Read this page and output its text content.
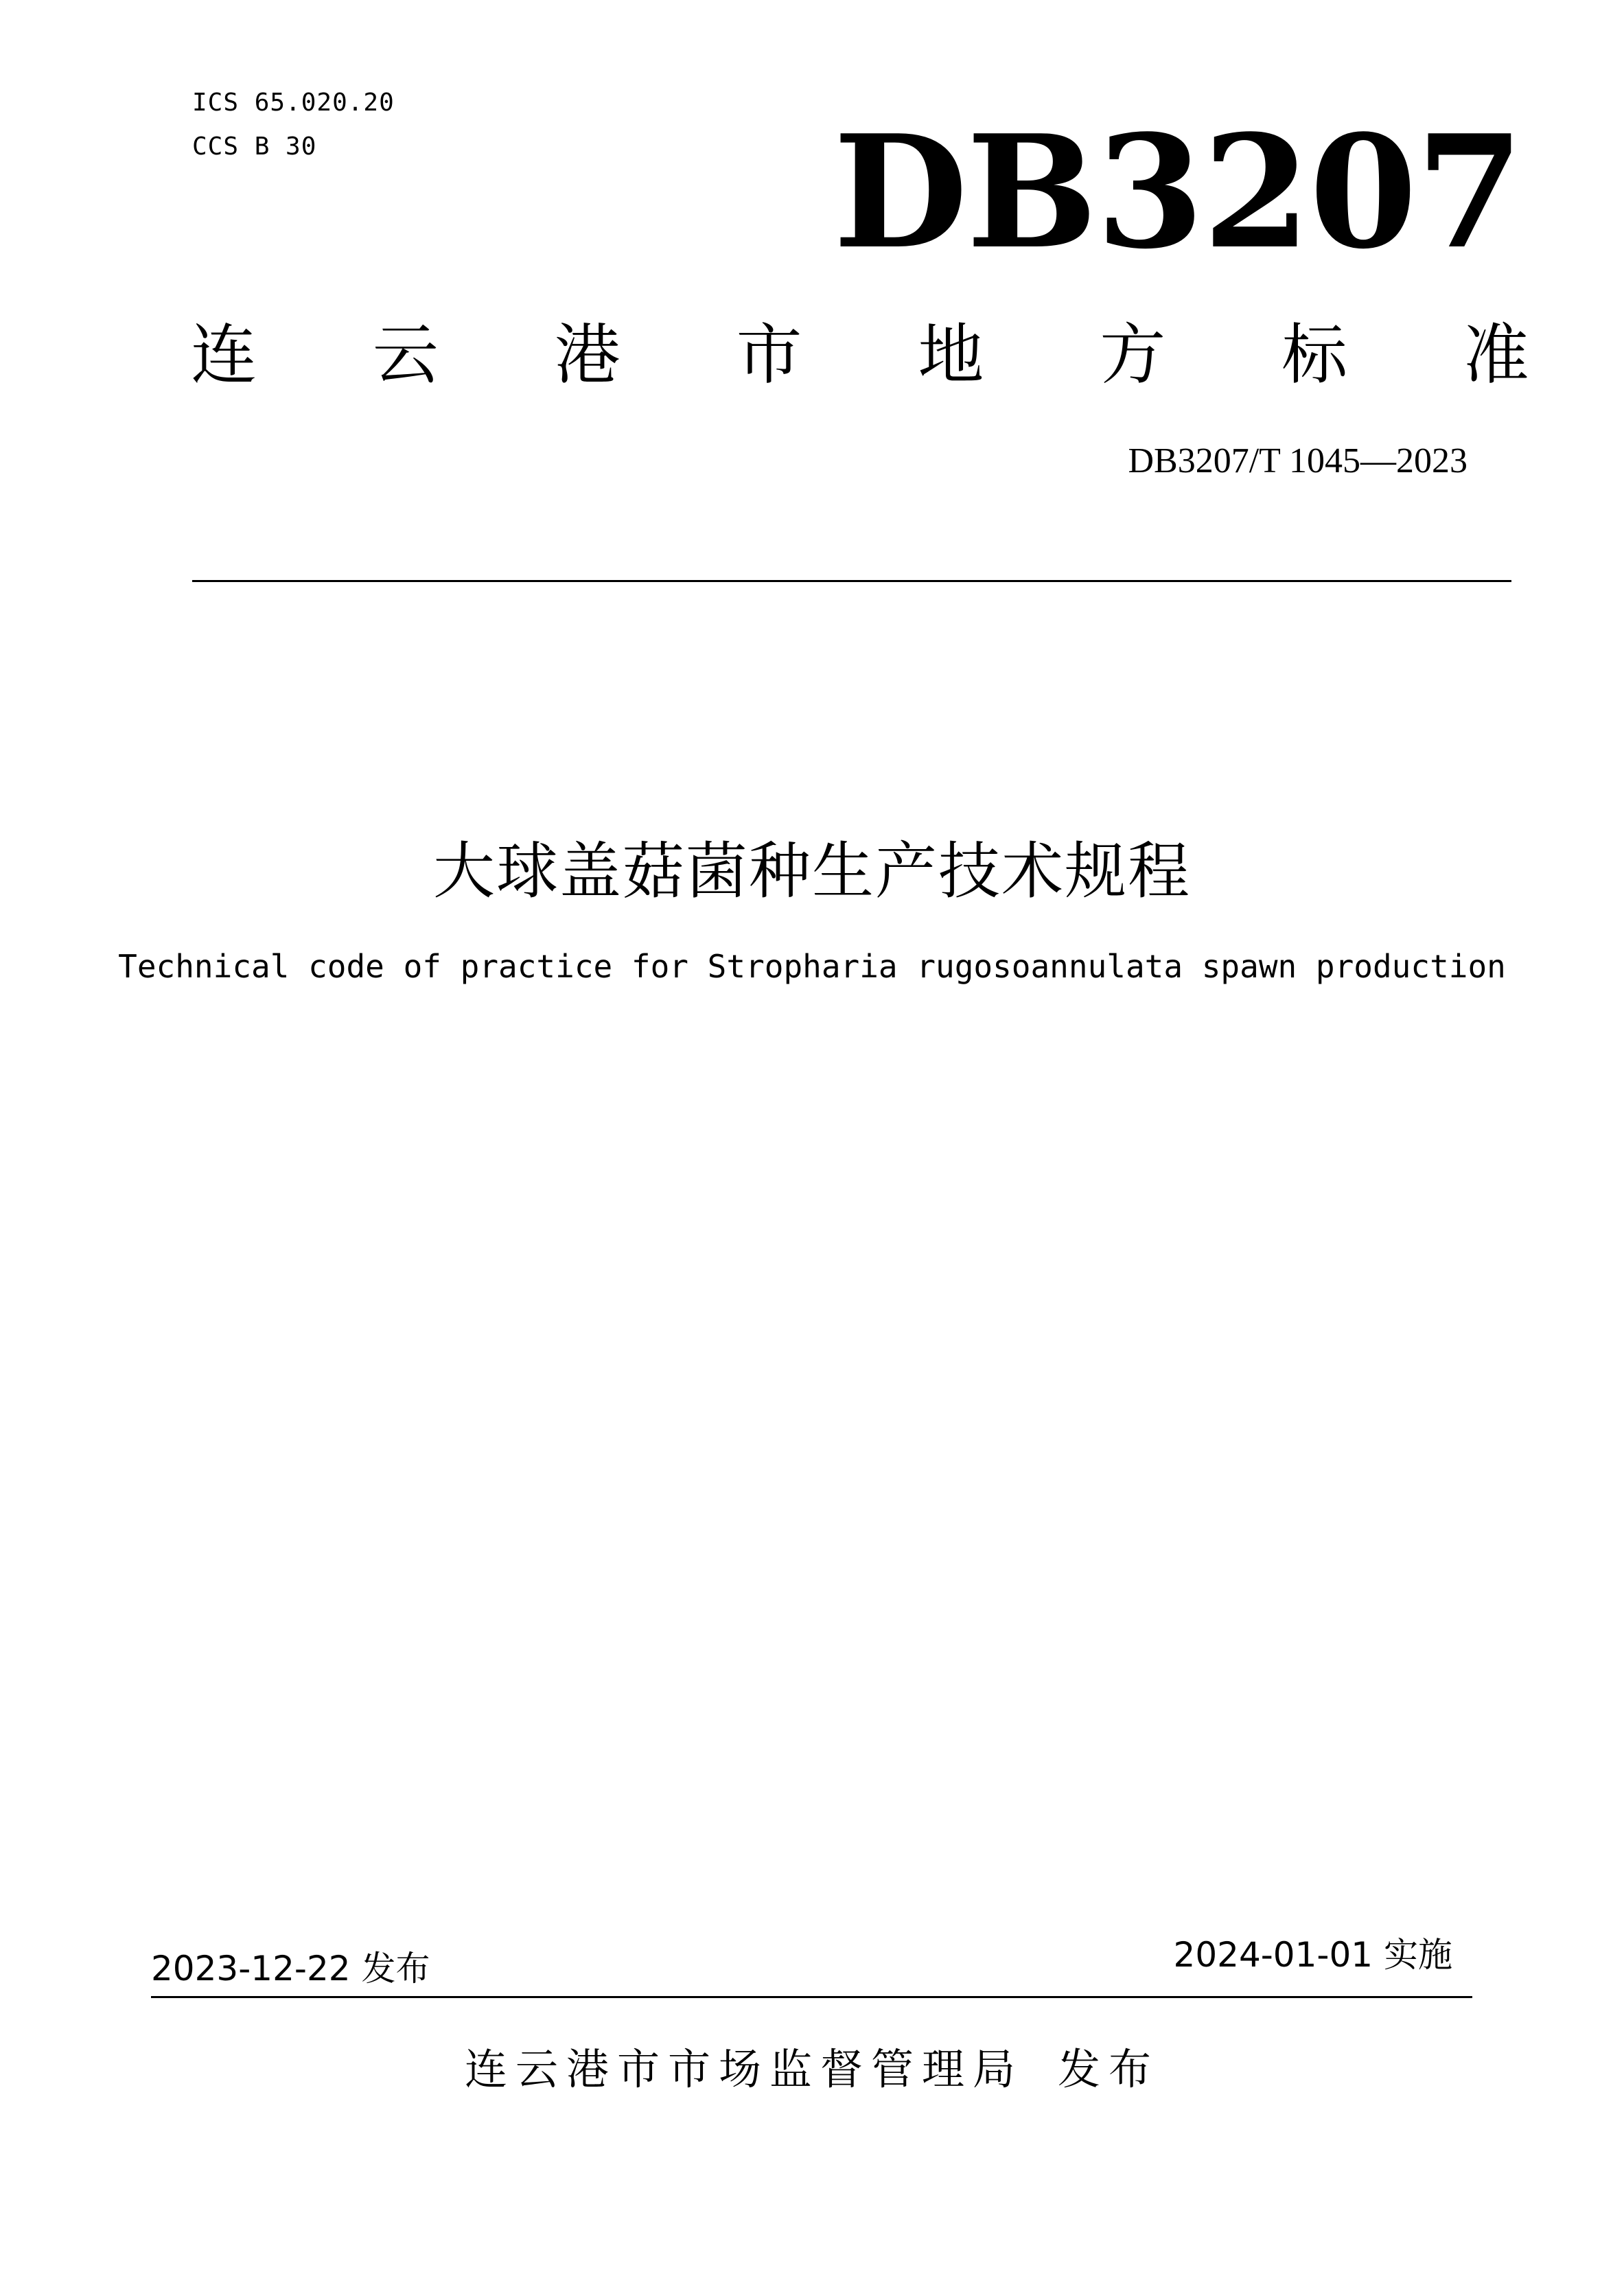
ICS 65.020.20
CCS B 30	DB3207
连 云 港 市 地 方 标 准
DB3207/T 1045—2023
大球盖菇菌种生产技术规程
Technical code of practice for Stropharia rugosoannulata spawn production
2023-12-22 发布	2024-01-01 实施
连云港市市场监督管理局 发布
